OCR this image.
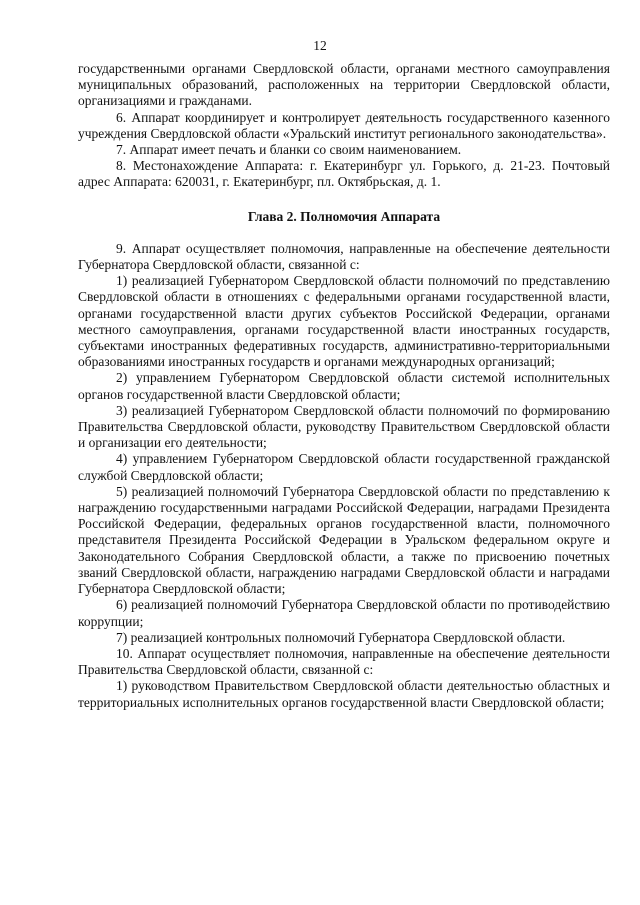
12

государственными органами Свердловской области, органами местного самоуправления муниципальных образований, расположенных на территории Свердловской области, организациями и гражданами.

6. Аппарат координирует и контролирует деятельность государственного казенного учреждения Свердловской области «Уральский институт регионального законодательства».

7. Аппарат имеет печать и бланки со своим наименованием.

8. Местонахождение Аппарата: г. Екатеринбург ул. Горького, д. 21-23. Почтовый адрес Аппарата: 620031, г. Екатеринбург, пл. Октябрьская, д. 1.

Глава 2. Полномочия Аппарата

9. Аппарат осуществляет полномочия, направленные на обеспечение деятельности Губернатора Свердловской области, связанной с:

1) реализацией Губернатором Свердловской области полномочий по представлению Свердловской области в отношениях с федеральными органами государственной власти, органами государственной власти других субъектов Российской Федерации, органами местного самоуправления, органами государственной власти иностранных государств, субъектами иностранных федеративных государств, административно-территориальными образованиями иностранных государств и органами международных организаций;

2) управлением Губернатором Свердловской области системой исполнительных органов государственной власти Свердловской области;

3) реализацией Губернатором Свердловской области полномочий по формированию Правительства Свердловской области, руководству Правительством Свердловской области и организации его деятельности;

4) управлением Губернатором Свердловской области государственной гражданской службой Свердловской области;

5) реализацией полномочий Губернатора Свердловской области по представлению к награждению государственными наградами Российской Федерации, наградами Президента Российской Федерации, федеральных органов государственной власти, полномочного представителя Президента Российской Федерации в Уральском федеральном округе и Законодательного Собрания Свердловской области, а также по присвоению почетных званий Свердловской области, награждению наградами Свердловской области и наградами Губернатора Свердловской области;

6) реализацией полномочий Губернатора Свердловской области по противодействию коррупции;

7) реализацией контрольных полномочий Губернатора Свердловской области.

10. Аппарат осуществляет полномочия, направленные на обеспечение деятельности Правительства Свердловской области, связанной с:

1) руководством Правительством Свердловской области деятельностью областных и территориальных исполнительных органов государственной власти Свердловской области;
